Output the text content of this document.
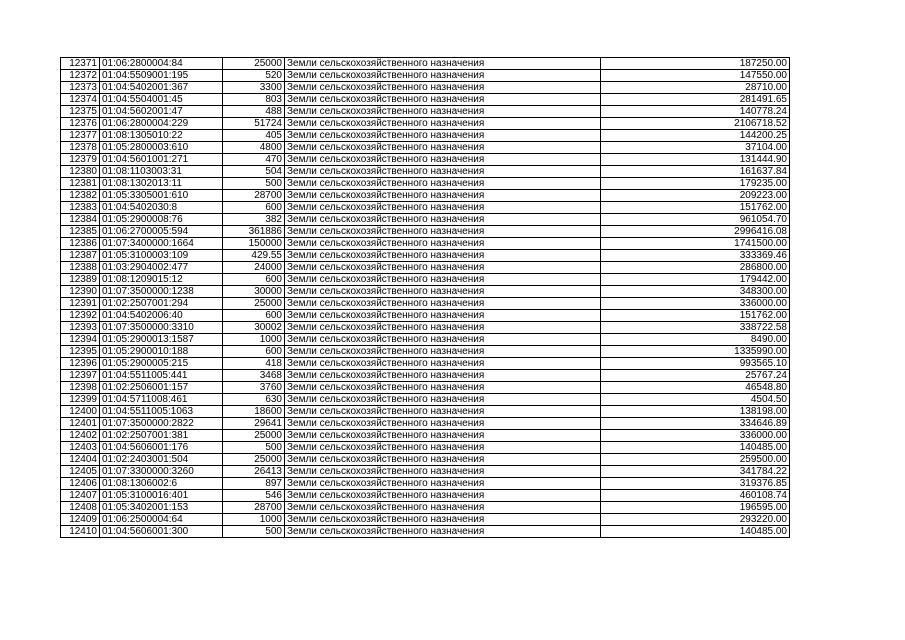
12371	01:06:2800004:84	25000	Земли сельскохозяйственного назначения	187250.00
12372	01:04:5509001:195	520	Земли сельскохозяйственного назначения	147550.00
12373	01:04:5402001:367	3300	Земли сельскохозяйственного назначения	28710.00
12374	01:04:5504001:45	803	Земли сельскохозяйственного назначения	281491.65
12375	01:04:5602001:47	488	Земли сельскохозяйственного назначения	140778.24
12376	01:06:2800004:229	51724	Земли сельскохозяйственного назначения	2106718.52
12377	01:08:1305010:22	405	Земли сельскохозяйственного назначения	144200.25
12378	01:05:2800003:610	4800	Земли сельскохозяйственного назначения	37104.00
12379	01:04:5601001:271	470	Земли сельскохозяйственного назначения	131444.90
12380	01:08:1103003:31	504	Земли сельскохозяйственного назначения	161637.84
12381	01:08:1302013:11	500	Земли сельскохозяйственного назначения	179235.00
12382	01:05:3305001:610	28700	Земли сельскохозяйственного назначения	209223.00
12383	01:04:5402030:8	600	Земли сельскохозяйственного назначения	151762.00
12384	01:05:2900008:76	382	Земли сельскохозяйственного назначения	961054.70
12385	01:06:2700005:594	361886	Земли сельскохозяйственного назначения	2996416.08
12386	01:07:3400000:1664	150000	Земли сельскохозяйственного назначения	1741500.00
12387	01:05:3100003:109	429.55	Земли сельскохозяйственного назначения	333369.46
12388	01:03:2904002:477	24000	Земли сельскохозяйственного назначения	286800.00
12389	01:08:1209015:12	600	Земли сельскохозяйственного назначения	179442.00
12390	01:07:3500000:1238	30000	Земли сельскохозяйственного назначения	348300.00
12391	01:02:2507001:294	25000	Земли сельскохозяйственного назначения	336000.00
12392	01:04:5402006:40	600	Земли сельскохозяйственного назначения	151762.00
12393	01:07:3500000:3310	30002	Земли сельскохозяйственного назначения	338722.58
12394	01:05:2900013:1587	1000	Земли сельскохозяйственного назначения	8490.00
12395	01:05:2900010:188	600	Земли сельскохозяйственного назначения	1335990.00
12396	01:05:2900005:215	418	Земли сельскохозяйственного назначения	993565.10
12397	01:04:5511005:441	3468	Земли сельскохозяйственного назначения	25767.24
12398	01:02:2506001:157	3760	Земли сельскохозяйственного назначения	46548.80
12399	01:04:5711008:461	630	Земли сельскохозяйственного назначения	4504.50
12400	01:04:5511005:1063	18600	Земли сельскохозяйственного назначения	138198.00
12401	01:07:3500000:2822	29641	Земли сельскохозяйственного назначения	334646.89
12402	01:02:2507001:381	25000	Земли сельскохозяйственного назначения	336000.00
12403	01:04:5606001:176	500	Земли сельскохозяйственного назначения	140485.00
12404	01:02:2403001:504	25000	Земли сельскохозяйственного назначения	259500.00
12405	01:07:3300000:3260	26413	Земли сельскохозяйственного назначения	341784.22
12406	01:08:1306002:6	897	Земли сельскохозяйственного назначения	319376.85
12407	01:05:3100016:401	546	Земли сельскохозяйственного назначения	460108.74
12408	01:05:3402001:153	28700	Земли сельскохозяйственного назначения	196595.00
12409	01:06:2500004:64	1000	Земли сельскохозяйственного назначения	293220.00
12410	01:04:5606001:300	500	Земли сельскохозяйственного назначения	140485.00
